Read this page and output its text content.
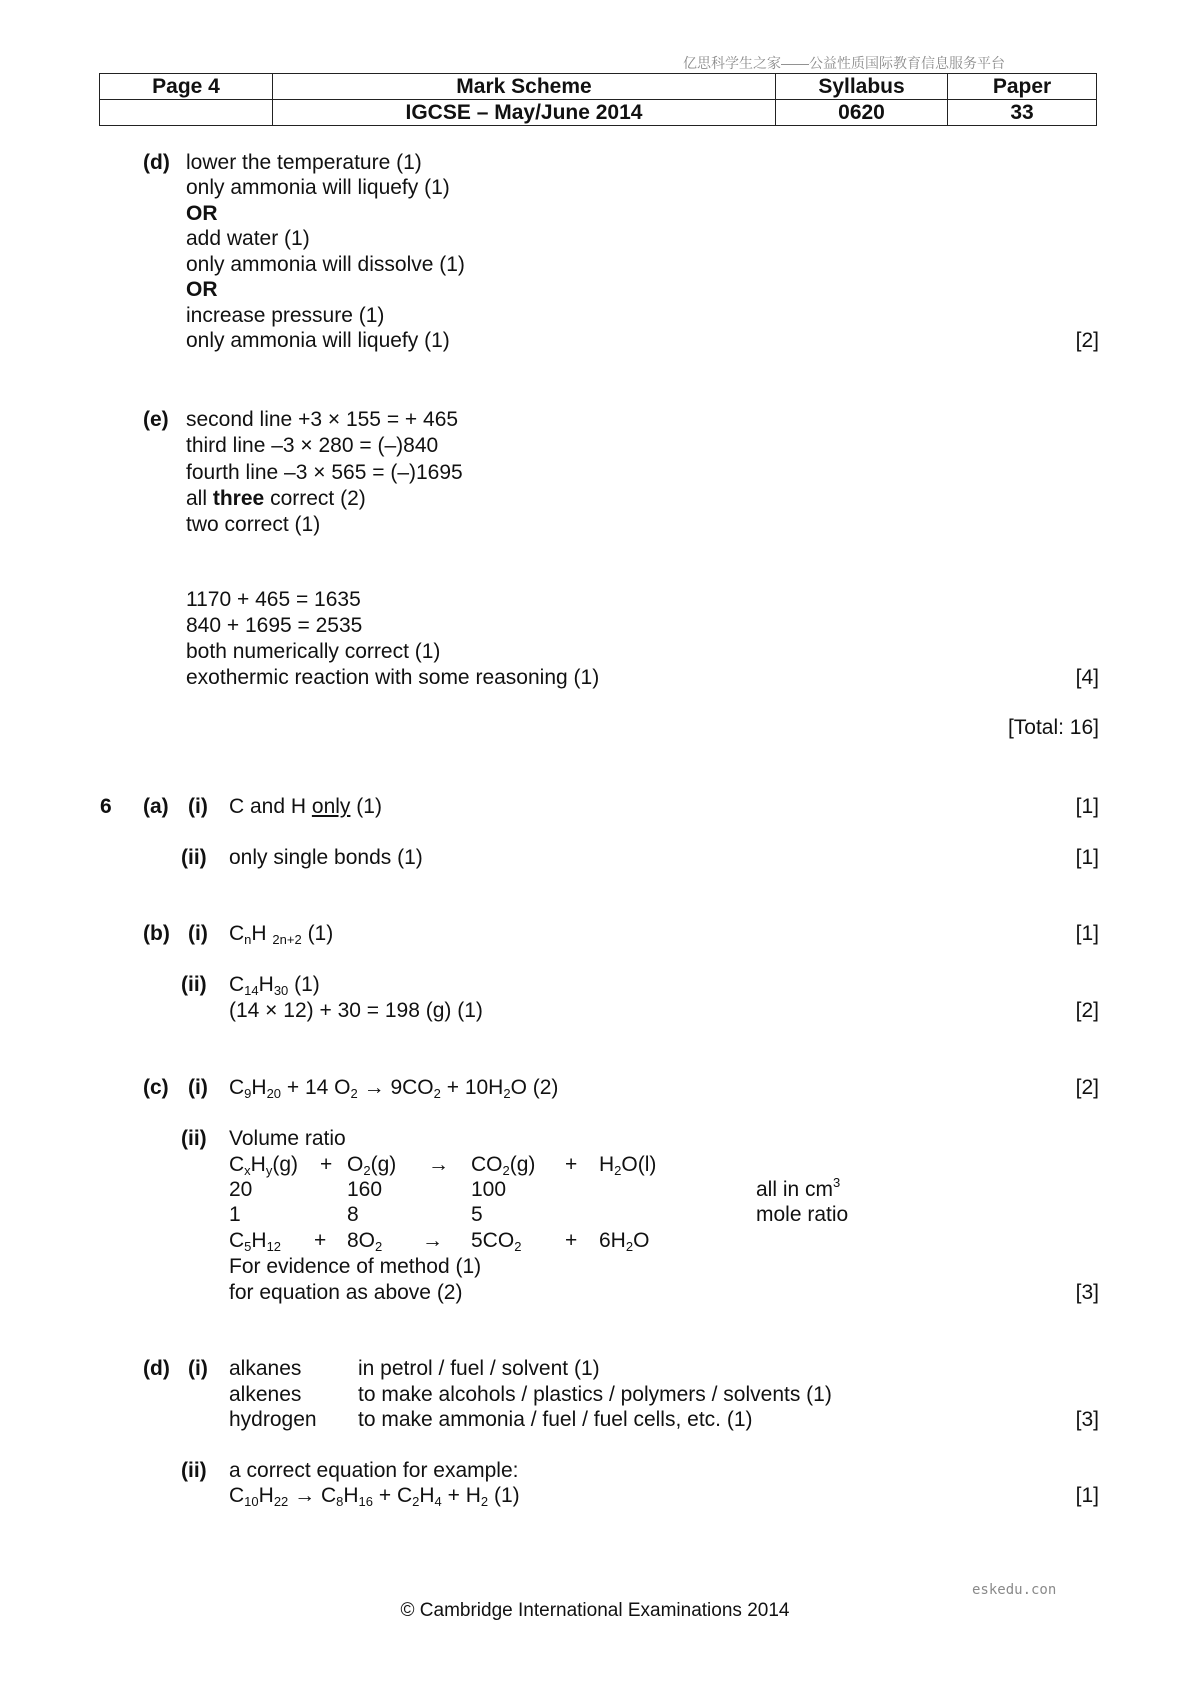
亿思科学生之家——公益性质国际教育信息服务平台
Page 4	Mark Scheme	Syllabus	Paper
	IGCSE – May/June 2014	0620	33
(d) lower the temperature (1)
only ammonia will liquefy (1)
OR
add water (1)
only ammonia will dissolve (1)
OR
increase pressure (1)
only ammonia will liquefy (1)	[2]
(e) second line +3 × 155 = + 465
third line –3 × 280 = (–)840
fourth line –3 × 565 = (–)1695
all three correct (2)
two correct (1)
1170 + 465 = 1635
840 + 1695 = 2535
both numerically correct (1)
exothermic reaction with some reasoning (1)	[4]
[Total: 16]
6 (a) (i) C and H only (1)	[1]
(ii) only single bonds (1)	[1]
(b) (i) $C_nH$ $_{2n+2}$ (1)	[1]
(ii) $C_{14}H_{30}$ (1)
(14 × 12) + 30 = 198 (g) (1)	[2]
(c) (i) $C_9H_{20} + 14$ $O_2 \to 9CO_2 + 10H_2O$ (2)	[2]
(ii) Volume ratio
$C_xH_y(g) + O_2(g) \to CO_2(g) + H_2O(l)$
20	160	100	all in $cm^3$
1	8	5	mole ratio
$C_5H_{12} + 8O_2 \to 5CO_2 + 6H_2O$
For evidence of method (1)
for equation as above (2)	[3]
(d) (i) alkanes	in petrol / fuel / solvent (1)
alkenes	to make alcohols / plastics / polymers / solvents (1)
hydrogen to make ammonia / fuel / fuel cells, etc. (1)	[3]
(ii) a correct equation for example:
$C_{10}H_{22} \to C_8H_{16} + C_2H_4 + H_2$ (1)	[1]
eskedu.con
© Cambridge International Examinations 2014
